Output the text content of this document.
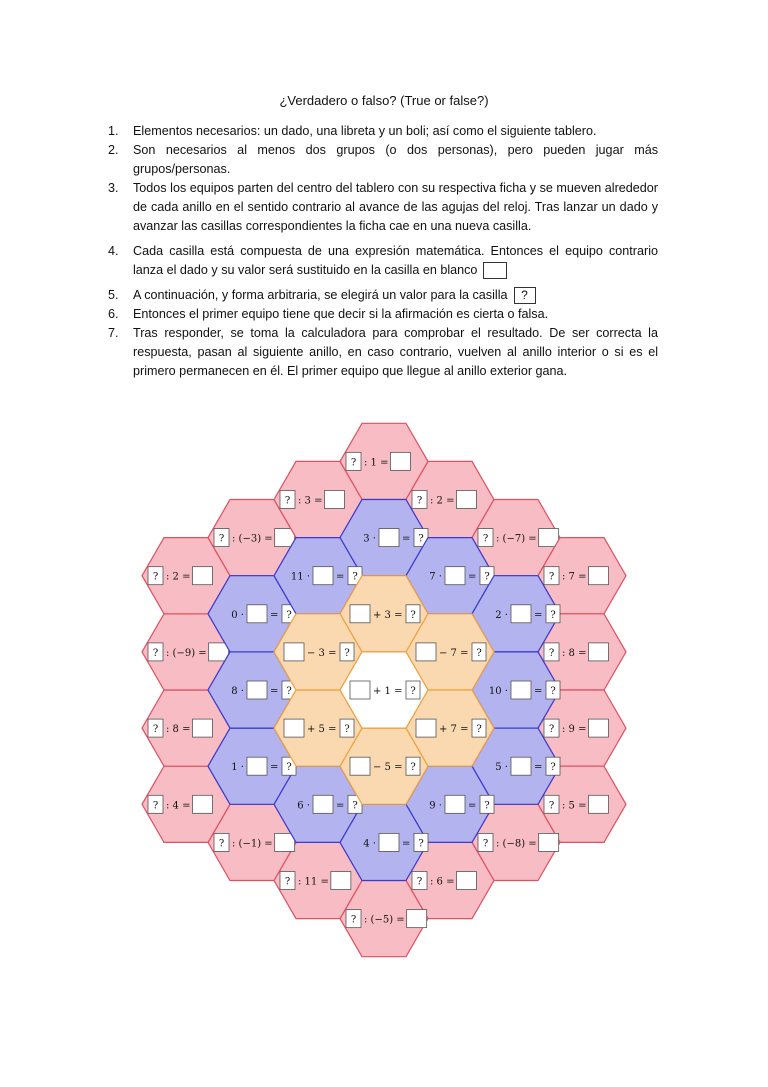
¿Verdadero o falso? (True or false?)
1.	Elementos necesarios: un dado, una libreta y un boli; así como el siguiente tablero.
2.	Son necesarios al menos dos grupos (o dos personas), pero pueden jugar más grupos/personas.
3.	Todos los equipos parten del centro del tablero con su respectiva ficha y se mueven alrededor de cada anillo en el sentido contrario al avance de las agujas del reloj. Tras lanzar un dado y avanzar las casillas correspondientes la ficha cae en una nueva casilla.
4.	Cada casilla está compuesta de una expresión matemática. Entonces el equipo contrario lanza el dado y su valor será sustituido en la casilla en blanco
5.	A continuación, y forma arbitraria, se elegirá un valor para la casilla ?
6.	Entonces el primer equipo tiene que decir si la afirmación es cierta o falsa.
7.	Tras responder, se toma la calculadora para comprobar el resultado. De ser correcta la respuesta, pasan al siguiente anillo, en caso contrario, vuelven al anillo interior o si es el primero permanecen en él. El primer equipo que llegue al anillo exterior gana.
? : 1 =
? : 2 =
? : (−7) =
? : 7 =
? : 8 =
? : 9 =
? : 5 =
? : (−8) =
? : 6 =
? : (−5) =
? : 11 =
? : (−1) =
? : 4 =
? : 8 =
? : (−9) =
? : 2 =
? : (−3) =
? : 3 =
3 ·	= ?
7 ·	= ?
2 ·	= ?
10 ·	= ?
5 ·	= ?
9 ·	= ?
4 ·	= ?
6 ·	= ?
1 ·	= ?
8 ·	= ?
0 ·	= ?
11 ·	= ?
+ 3 = ?
− 7 = ?
+ 7 = ?
− 5 = ?
+ 5 = ?
− 3 = ?
+ 1 = ?
